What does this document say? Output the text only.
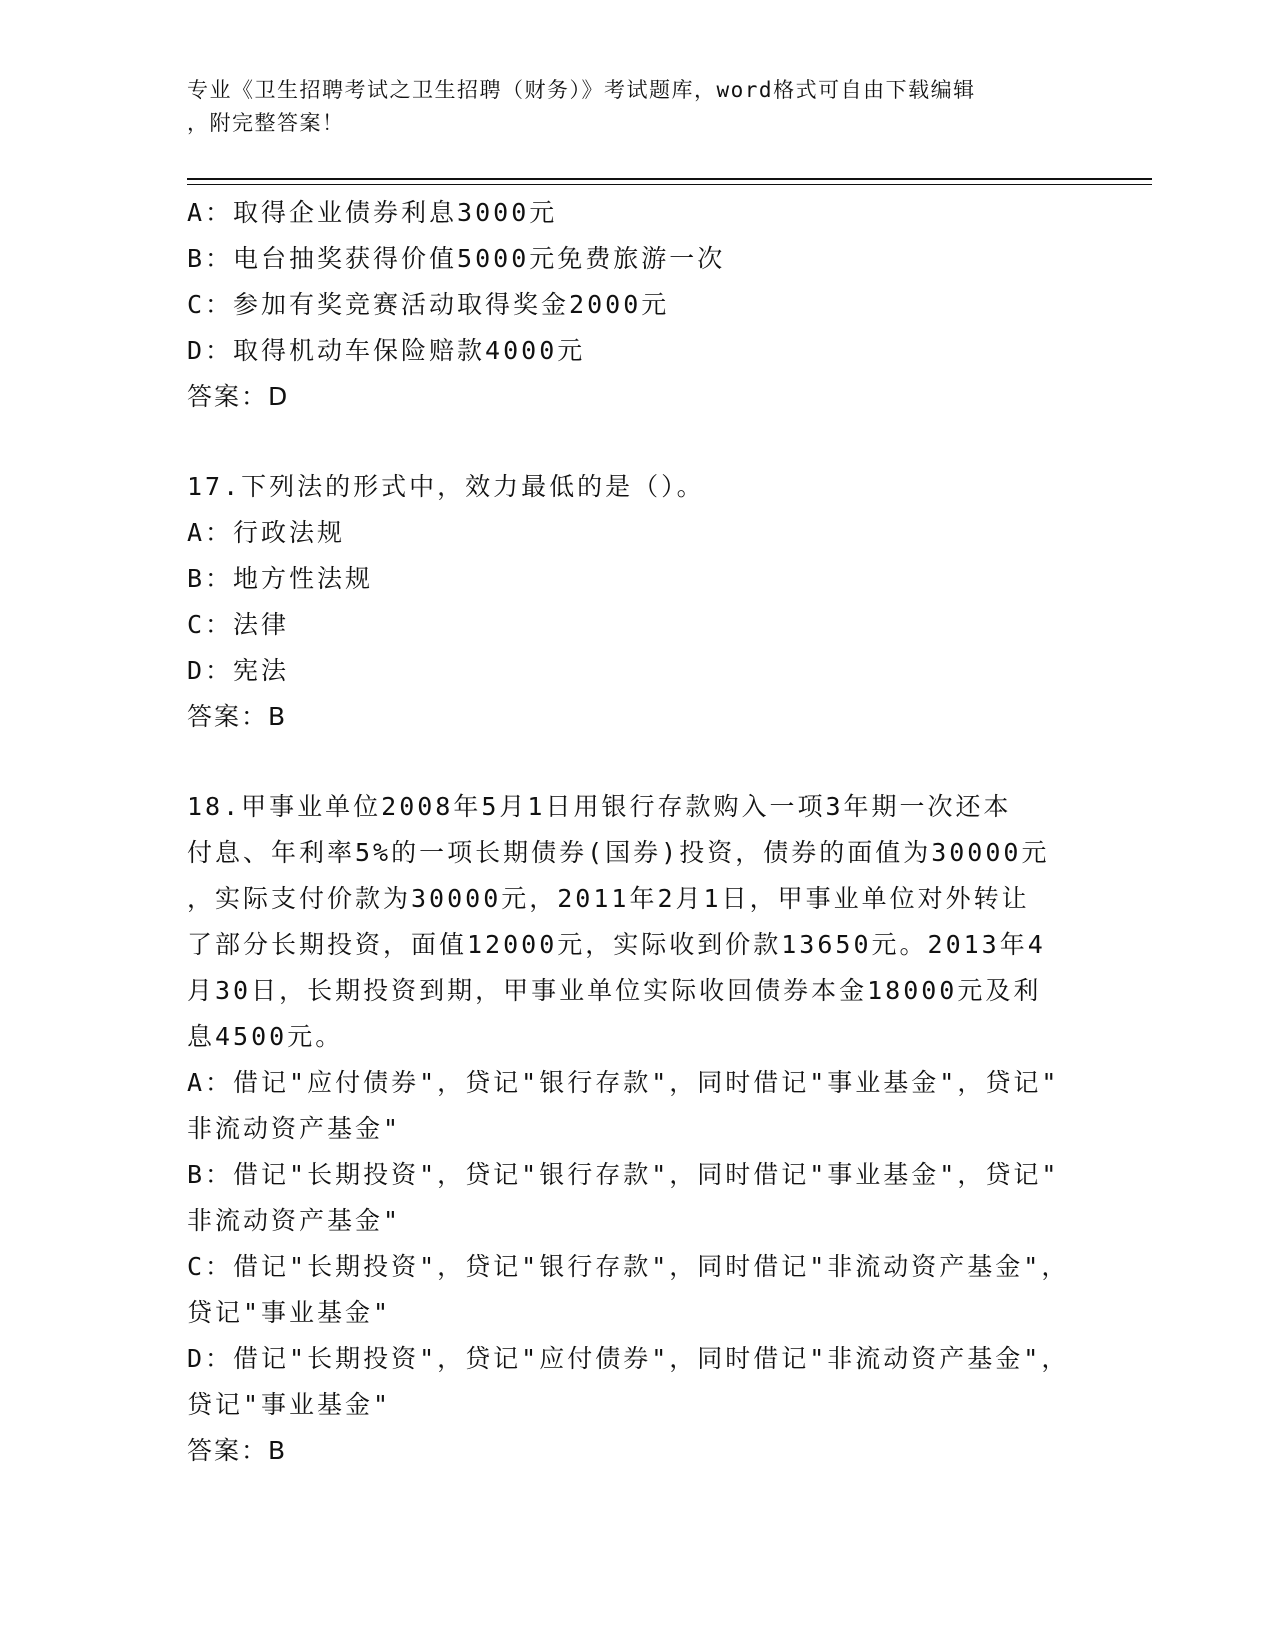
专业《卫生招聘考试之卫生招聘（财务）》考试题库，word格式可自由下载编辑
，附完整答案！
A：取得企业债券利息3000元
B：电台抽奖获得价值5000元免费旅游一次
C：参加有奖竞赛活动取得奖金2000元
D：取得机动车保险赔款4000元
答案：D
17.下列法的形式中，效力最低的是（）。
A：行政法规
B：地方性法规
C：法律
D：宪法
答案：B
18.甲事业单位2008年5月1日用银行存款购入一项3年期一次还本
付息、年利率5%的一项长期债券(国券)投资，债券的面值为30000元
，实际支付价款为30000元，2011年2月1日，甲事业单位对外转让
了部分长期投资，面值12000元，实际收到价款13650元。2013年4
月30日，长期投资到期，甲事业单位实际收回债券本金18000元及利
息4500元。
A：借记"应付债券"，贷记"银行存款"，同时借记"事业基金"，贷记"
非流动资产基金"
B：借记"长期投资"，贷记"银行存款"，同时借记"事业基金"，贷记"
非流动资产基金"
C：借记"长期投资"，贷记"银行存款"，同时借记"非流动资产基金"，
贷记"事业基金"
D：借记"长期投资"，贷记"应付债券"，同时借记"非流动资产基金"，
贷记"事业基金"
答案：B
